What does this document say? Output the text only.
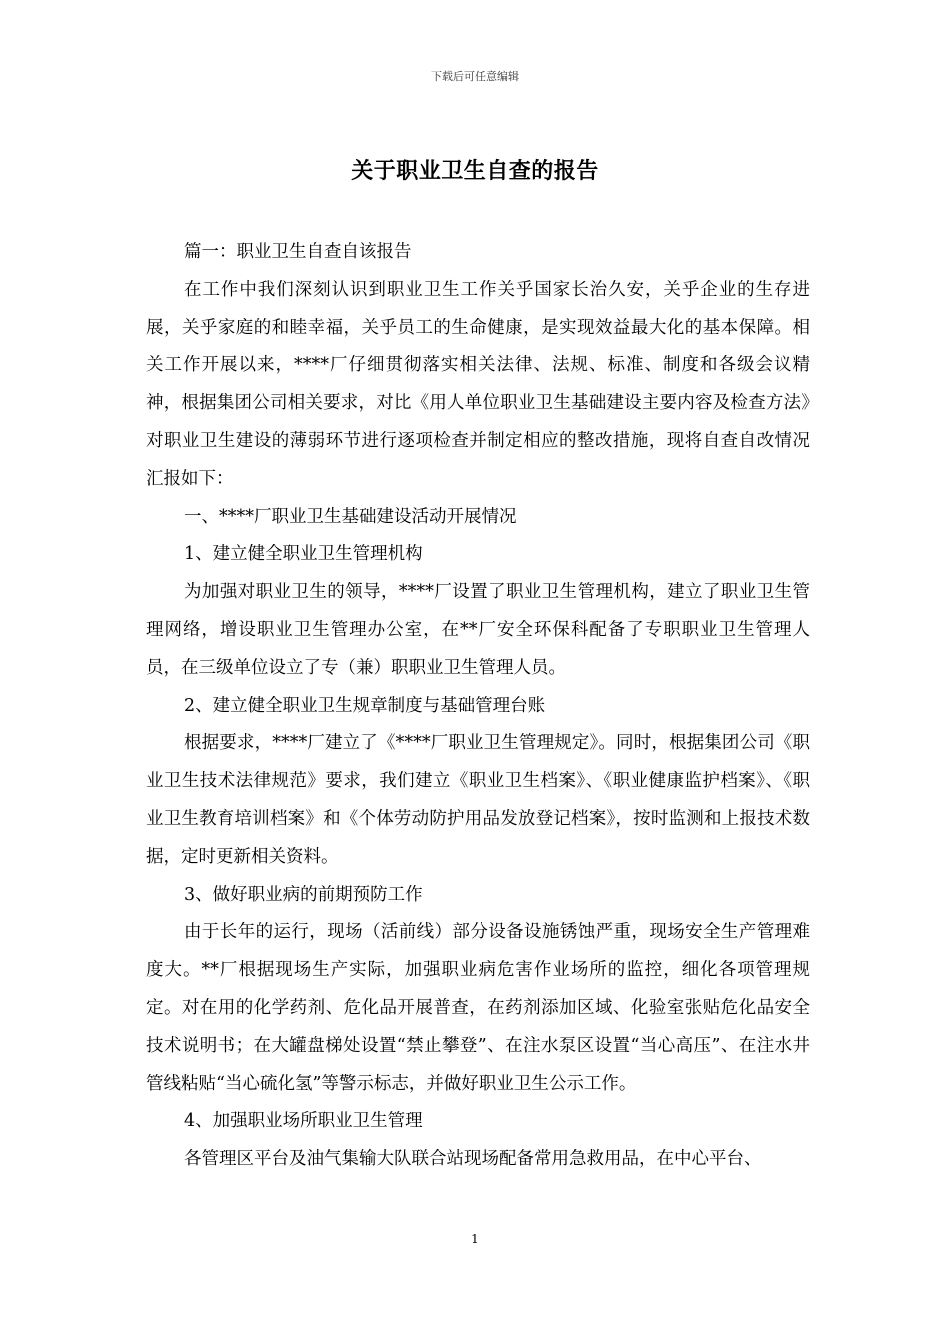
下载后可任意编辑
关于职业卫生自查的报告

篇一：职业卫生自查自该报告

在工作中我们深刻认识到职业卫生工作关乎国家长治久安，关乎企业的生存进展，关乎家庭的和睦幸福，关乎员工的生命健康，是实现效益最大化的基本保障。相关工作开展以来，****厂仔细贯彻落实相关法律、法规、标准、制度和各级会议精神，根据集团公司相关要求，对比《用人单位职业卫生基础建设主要内容及检查方法》对职业卫生建设的薄弱环节进行逐项检查并制定相应的整改措施，现将自查自改情况汇报如下：

一、****厂职业卫生基础建设活动开展情况

1、建立健全职业卫生管理机构

为加强对职业卫生的领导，****厂设置了职业卫生管理机构，建立了职业卫生管理网络，增设职业卫生管理办公室，在**厂安全环保科配备了专职职业卫生管理人员，在三级单位设立了专（兼）职职业卫生管理人员。

2、建立健全职业卫生规章制度与基础管理台账

根据要求，****厂建立了《****厂职业卫生管理规定》。同时，根据集团公司《职业卫生技术法律规范》要求，我们建立《职业卫生档案》、《职业健康监护档案》、《职业卫生教育培训档案》和《个体劳动防护用品发放登记档案》，按时监测和上报技术数据，定时更新相关资料。

3、做好职业病的前期预防工作

由于长年的运行，现场（活前线）部分设备设施锈蚀严重，现场安全生产管理难度大。**厂根据现场生产实际，加强职业病危害作业场所的监控，细化各项管理规定。对在用的化学药剂、危化品开展普查，在药剂添加区域、化验室张贴危化品安全技术说明书；在大罐盘梯处设置“禁止攀登”、在注水泵区设置“当心高压”、在注水井管线粘贴“当心硫化氢”等警示标志，并做好职业卫生公示工作。

4、加强职业场所职业卫生管理

各管理区平台及油气集输大队联合站现场配备常用急救用品，在中心平台、

1
